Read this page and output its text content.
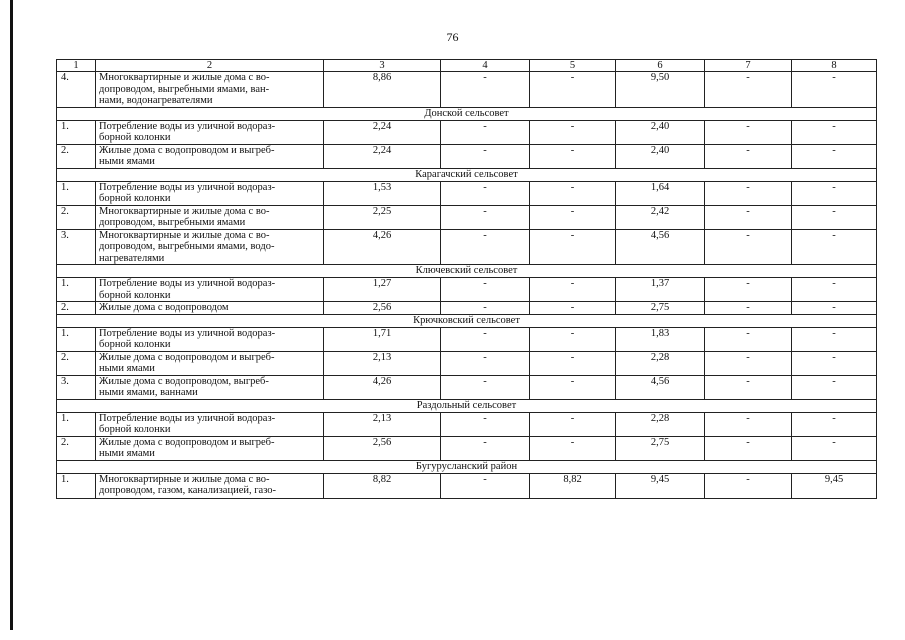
76
1	2	3	4	5	6	7	8
4.	Многоквартирные и жилые дома с во-
допроводом, выгребными ямами, ван-
нами, водонагревателями	8,86	-	-	9,50	-	-
Донской сельсовет							
1.	Потребление воды из уличной водораз-
борной колонки	2,24	-	-	2,40	-	-
2.	Жилые дома с водопроводом и выгреб-
ными ямами	2,24	-	-	2,40	-	-
Карагачский сельсовет							
1.	Потребление воды из уличной водораз-
борной колонки	1,53	-	-	1,64	-	-
2.	Многоквартирные и жилые дома с во-
допроводом, выгребными ямами	2,25	-	-	2,42	-	-
3.	Многоквартирные и жилые дома с во-
допроводом, выгребными ямами, водо-
нагревателями	4,26	-	-	4,56	-	-
Ключевский сельсовет							
1.	Потребление воды из уличной водораз-
борной колонки	1,27	-	-	1,37	-	-
2.	Жилые дома с водопроводом	2,56	-	-	2,75	-	-
Крючковский сельсовет							
1.	Потребление воды из уличной водораз-
борной колонки	1,71	-	-	1,83	-	-
2.	Жилые дома с водопроводом и выгреб-
ными ямами	2,13	-	-	2,28	-	-
3.	Жилые дома с водопроводом, выгреб-
ными ямами, ваннами	4,26	-	-	4,56	-	-
Раздольный сельсовет							
1.	Потребление воды из уличной водораз-
борной колонки	2,13	-	-	2,28	-	-
2.	Жилые дома с водопроводом и выгреб-
ными ямами	2,56	-	-	2,75	-	-
Бугурусланский район							
1.	Многоквартирные и жилые дома с во-
допроводом, газом, канализацией, газо-	8,82	-	8,82	9,45	-	9,45
